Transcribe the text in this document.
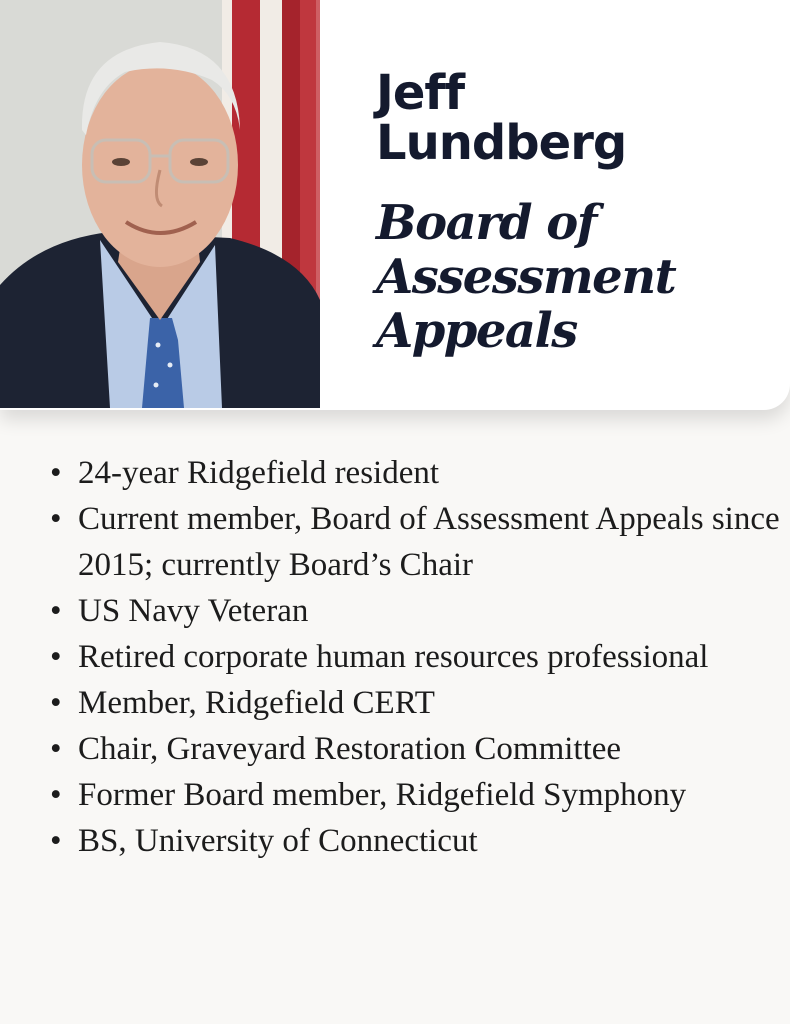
Jeff
Lundberg
Board of
Assessment
Appeals
• 24-year Ridgefield resident
• Current member, Board of Assessment Appeals since 2015; currently Board’s Chair
• US Navy Veteran
• Retired corporate human resources professional
• Member, Ridgefield CERT
• Chair, Graveyard Restoration Committee
• Former Board member, Ridgefield Symphony
• BS, University of Connecticut
